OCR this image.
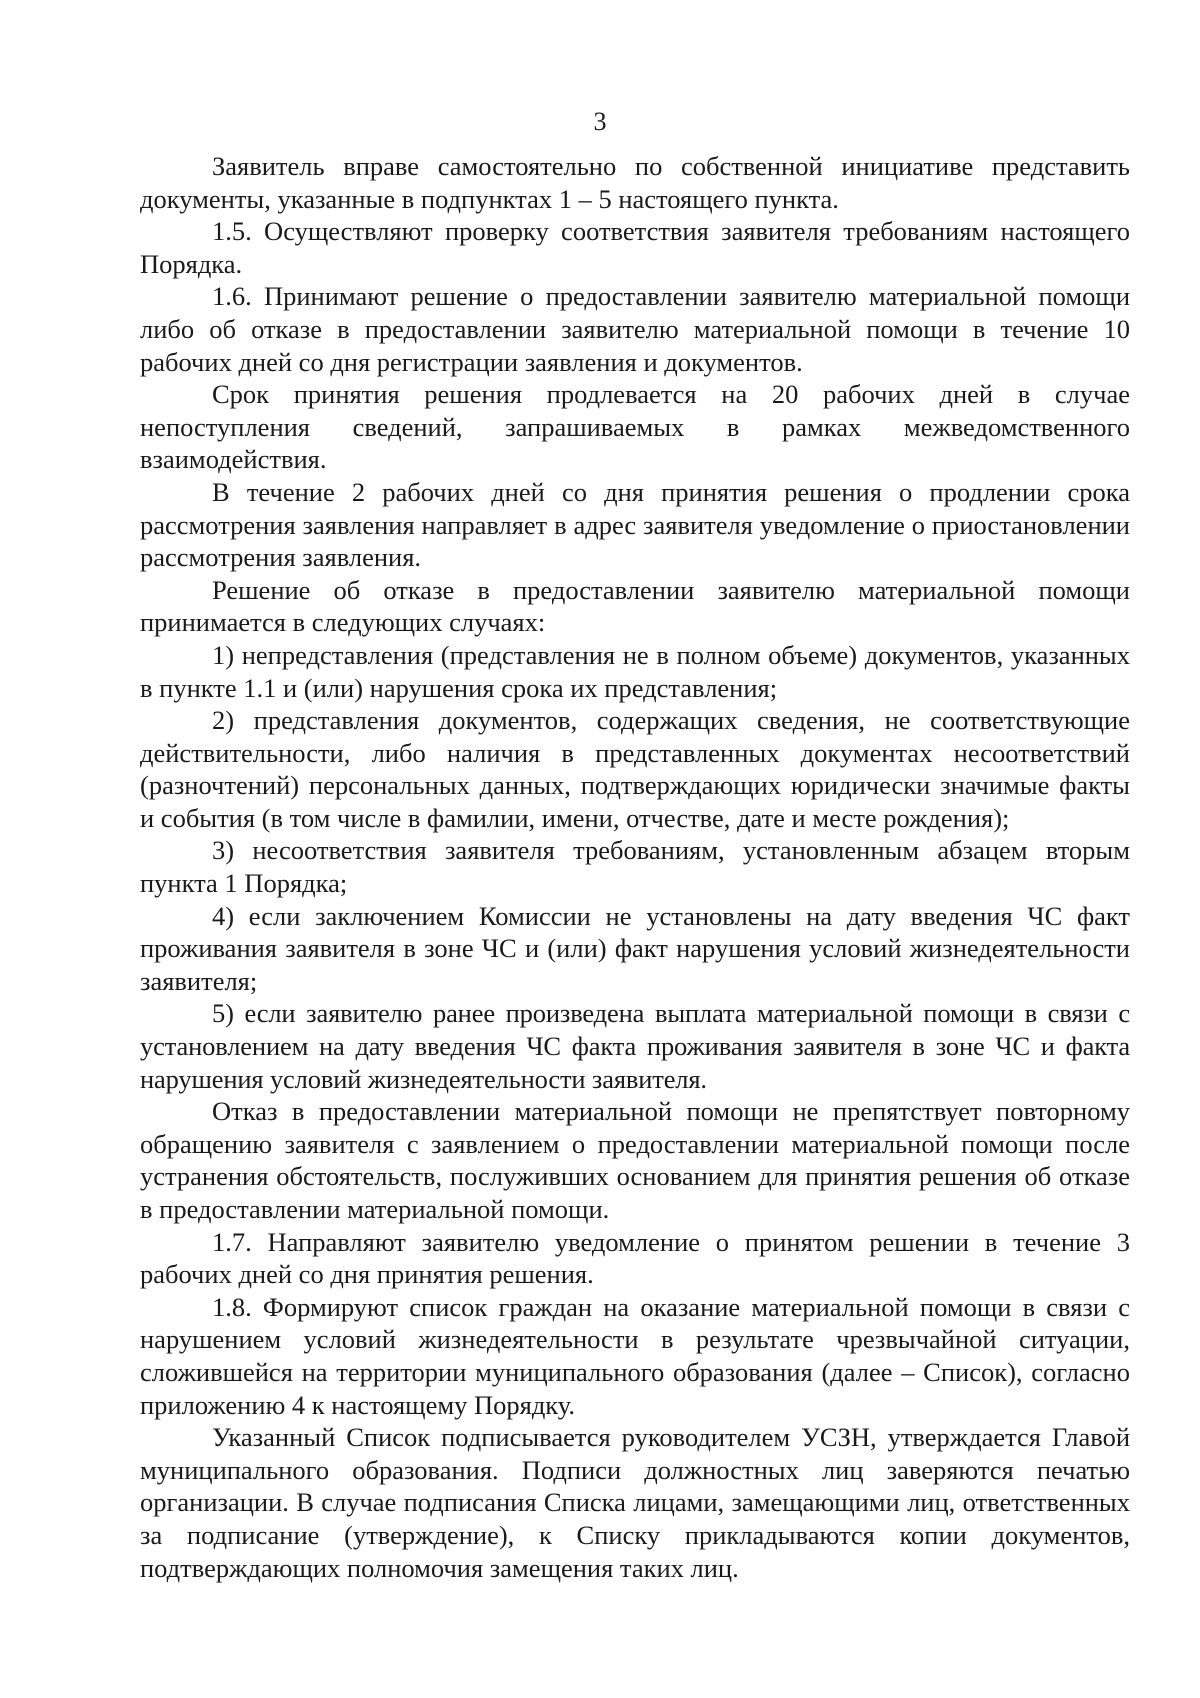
3

Заявитель вправе самостоятельно по собственной инициативе представить документы, указанные в подпунктах 1 – 5 настоящего пункта.

1.5. Осуществляют проверку соответствия заявителя требованиям настоящего Порядка.

1.6. Принимают решение о предоставлении заявителю материальной помощи либо об отказе в предоставлении заявителю материальной помощи в течение 10 рабочих дней со дня регистрации заявления и документов.

Срок принятия решения продлевается на 20 рабочих дней в случае непоступления сведений, запрашиваемых в рамках межведомственного взаимодействия.

В течение 2 рабочих дней со дня принятия решения о продлении срока рассмотрения заявления направляет в адрес заявителя уведомление о приостановлении рассмотрения заявления.

Решение об отказе в предоставлении заявителю материальной помощи принимается в следующих случаях:

1) непредставления (представления не в полном объеме) документов, указанных в пункте 1.1 и (или) нарушения срока их представления;

2) представления документов, содержащих сведения, не соответствующие действительности, либо наличия в представленных документах несоответствий (разночтений) персональных данных, подтверждающих юридически значимые факты и события (в том числе в фамилии, имени, отчестве, дате и месте рождения);

3) несоответствия заявителя требованиям, установленным абзацем вторым пункта 1 Порядка;

4) если заключением Комиссии не установлены на дату введения ЧС факт проживания заявителя в зоне ЧС и (или) факт нарушения условий жизнедеятельности заявителя;

5) если заявителю ранее произведена выплата материальной помощи в связи с установлением на дату введения ЧС факта проживания заявителя в зоне ЧС и факта нарушения условий жизнедеятельности заявителя.

Отказ в предоставлении материальной помощи не препятствует повторному обращению заявителя с заявлением о предоставлении материальной помощи после устранения обстоятельств, послуживших основанием для принятия решения об отказе в предоставлении материальной помощи.

1.7. Направляют заявителю уведомление о принятом решении в течение 3 рабочих дней со дня принятия решения.

1.8. Формируют список граждан на оказание материальной помощи в связи с нарушением условий жизнедеятельности в результате чрезвычайной ситуации, сложившейся на территории муниципального образования (далее – Список), согласно приложению 4 к настоящему Порядку.

Указанный Список подписывается руководителем УСЗН, утверждается Главой муниципального образования. Подписи должностных лиц заверяются печатью организации. В случае подписания Списка лицами, замещающими лиц, ответственных за подписание (утверждение), к Списку прикладываются копии документов, подтверждающих полномочия замещения таких лиц.
